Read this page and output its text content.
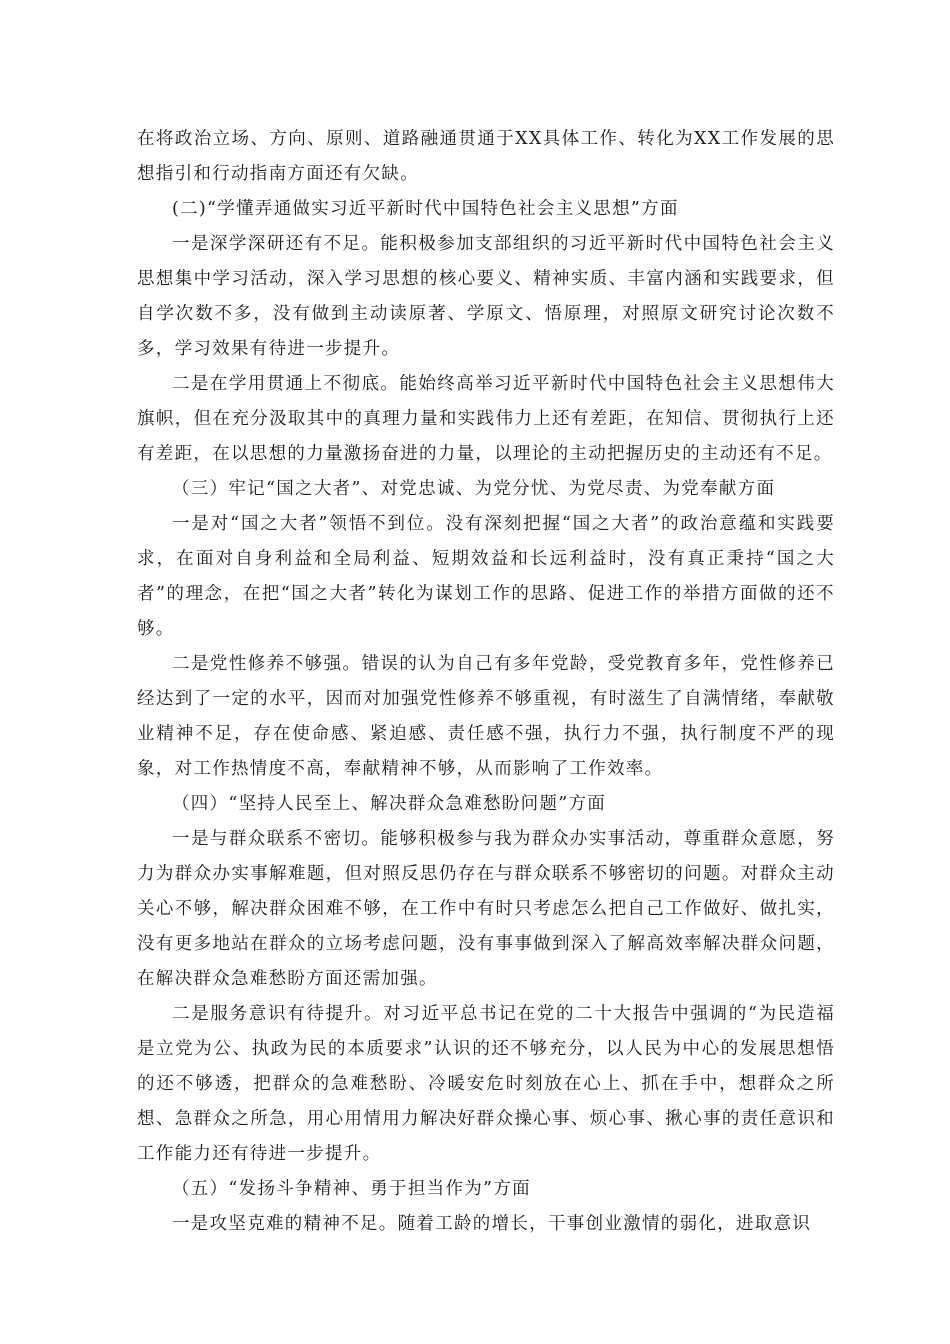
在将政治立场、方向、原则、道路融通贯通于XX具体工作、转化为XX工作发展的思想指引和行动指南方面还有欠缺。

(二)“学懂弄通做实习近平新时代中国特色社会主义思想”方面

一是深学深研还有不足。能积极参加支部组织的习近平新时代中国特色社会主义思想集中学习活动，深入学习思想的核心要义、精神实质、丰富内涵和实践要求，但自学次数不多，没有做到主动读原著、学原文、悟原理，对照原文研究讨论次数不多，学习效果有待进一步提升。

二是在学用贯通上不彻底。能始终高举习近平新时代中国特色社会主义思想伟大旗帜，但在充分汲取其中的真理力量和实践伟力上还有差距，在知信、贯彻执行上还有差距，在以思想的力量激扬奋进的力量，以理论的主动把握历史的主动还有不足。

（三）牢记“国之大者”、对党忠诚、为党分忧、为党尽责、为党奉献方面

一是对“国之大者”领悟不到位。没有深刻把握“国之大者”的政治意蕴和实践要求，在面对自身利益和全局利益、短期效益和长远利益时，没有真正秉持“国之大者”的理念，在把“国之大者”转化为谋划工作的思路、促进工作的举措方面做的还不够。

二是党性修养不够强。错误的认为自己有多年党龄，受党教育多年，党性修养已经达到了一定的水平，因而对加强党性修养不够重视，有时滋生了自满情绪，奉献敬业精神不足，存在使命感、紧迫感、责任感不强，执行力不强，执行制度不严的现象，对工作热情度不高，奉献精神不够，从而影响了工作效率。

（四）“坚持人民至上、解决群众急难愁盼问题”方面

一是与群众联系不密切。能够积极参与我为群众办实事活动，尊重群众意愿，努力为群众办实事解难题，但对照反思仍存在与群众联系不够密切的问题。对群众主动关心不够，解决群众困难不够，在工作中有时只考虑怎么把自己工作做好、做扎实，没有更多地站在群众的立场考虑问题，没有事事做到深入了解高效率解决群众问题，在解决群众急难愁盼方面还需加强。

二是服务意识有待提升。对习近平总书记在党的二十大报告中强调的“为民造福是立党为公、执政为民的本质要求”认识的还不够充分，以人民为中心的发展思想悟的还不够透，把群众的急难愁盼、冷暖安危时刻放在心上、抓在手中，想群众之所想、急群众之所急，用心用情用力解决好群众操心事、烦心事、揪心事的责任意识和工作能力还有待进一步提升。

（五）“发扬斗争精神、勇于担当作为”方面

一是攻坚克难的精神不足。随着工龄的增长，干事创业激情的弱化，进取意识
